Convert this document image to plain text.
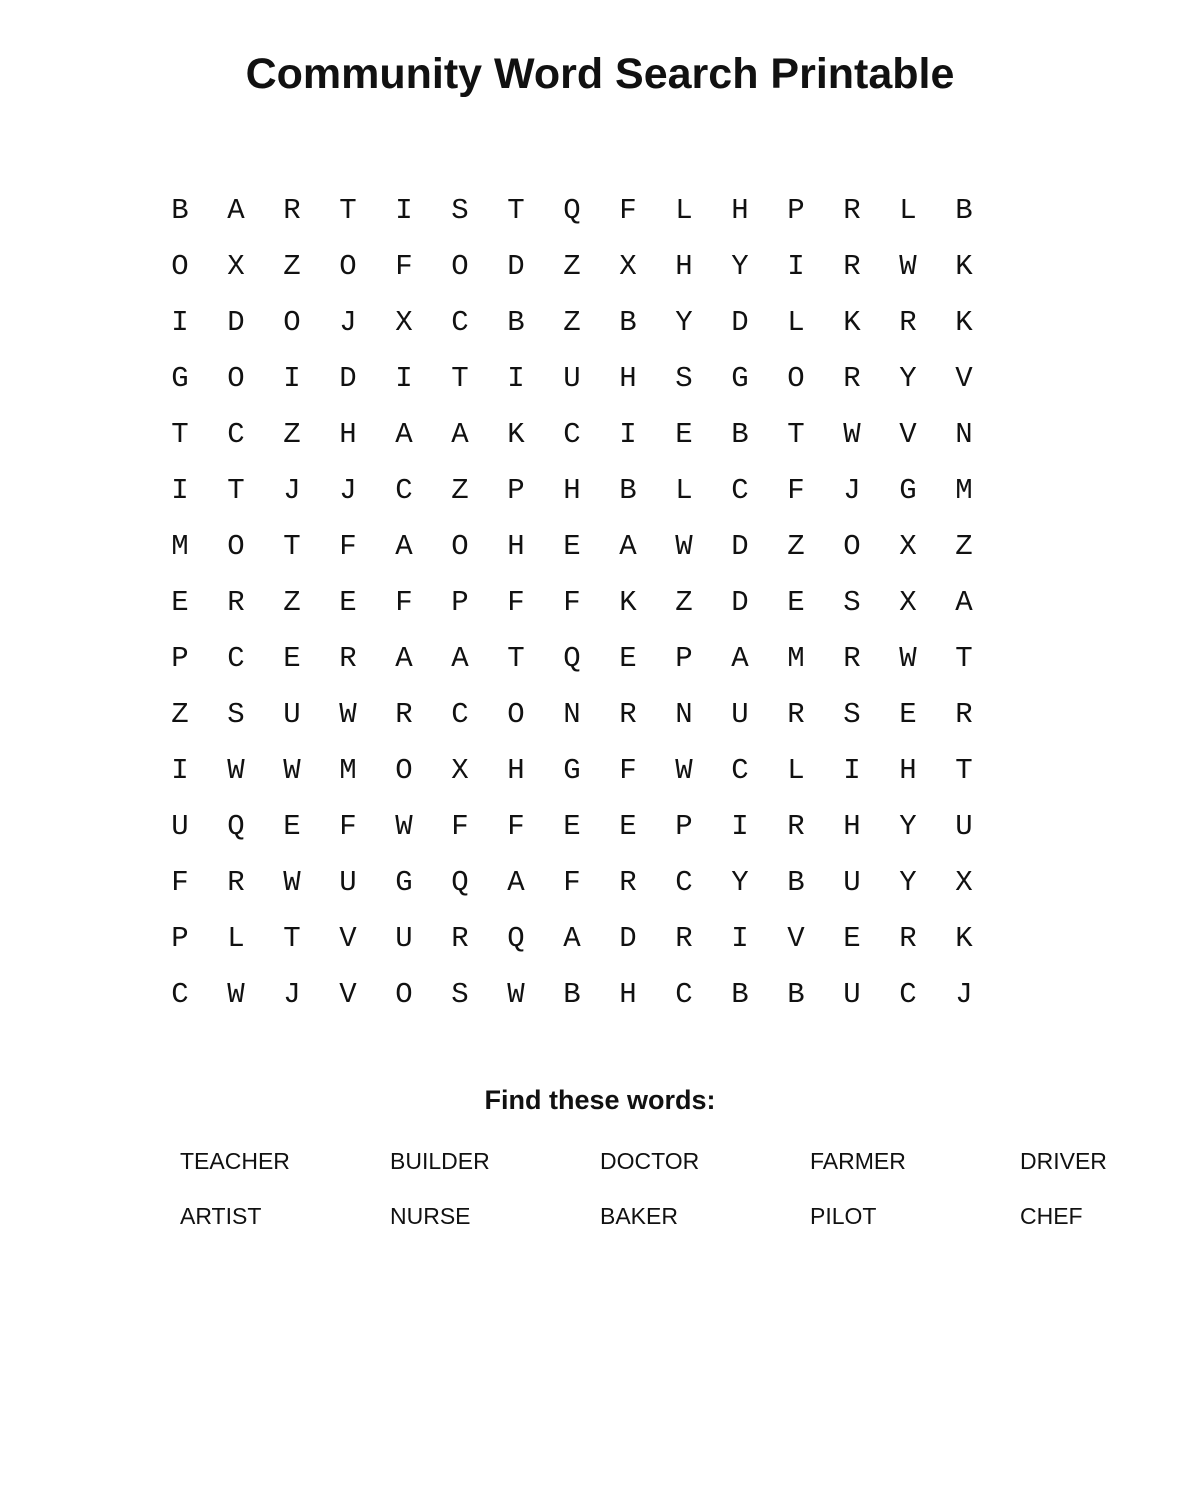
Community Word Search Printable
B	A	R	T	I	S	T	Q	F	L	H	P	R	L	B
O	X	Z	O	F	O	D	Z	X	H	Y	I	R	W	K
I	D	O	J	X	C	B	Z	B	Y	D	L	K	R	K
G	O	I	D	I	T	I	U	H	S	G	O	R	Y	V
T	C	Z	H	A	A	K	C	I	E	B	T	W	V	N
I	T	J	J	C	Z	P	H	B	L	C	F	J	G	M
M	O	T	F	A	O	H	E	A	W	D	Z	O	X	Z
E	R	Z	E	F	P	F	F	K	Z	D	E	S	X	A
P	C	E	R	A	A	T	Q	E	P	A	M	R	W	T
Z	S	U	W	R	C	O	N	R	N	U	R	S	E	R
I	W	W	M	O	X	H	G	F	W	C	L	I	H	T
U	Q	E	F	W	F	F	E	E	P	I	R	H	Y	U
F	R	W	U	G	Q	A	F	R	C	Y	B	U	Y	X
P	L	T	V	U	R	Q	A	D	R	I	V	E	R	K
C	W	J	V	O	S	W	B	H	C	B	B	U	C	J
Find these words:
TEACHER	BUILDER	DOCTOR	FARMER	DRIVER
ARTIST	NURSE	BAKER	PILOT	CHEF
